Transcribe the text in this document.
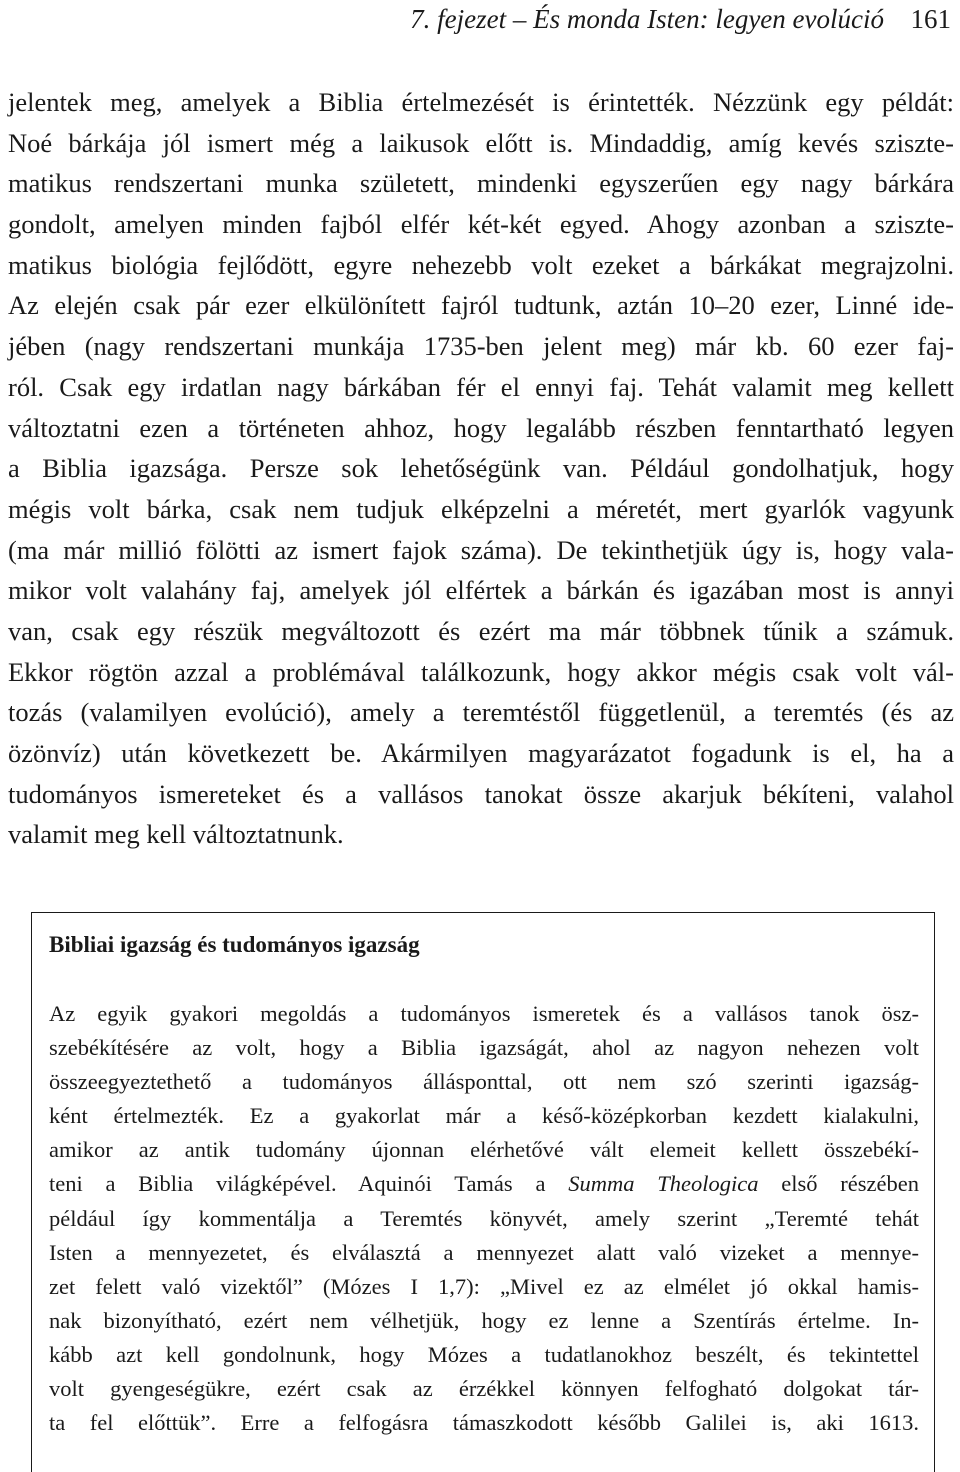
7. fejezet – És monda Isten: legyen evolúció 161
jelentek meg, amelyek a Biblia értelmezését is érintették. Nézzünk egy példát:
Noé bárkája jól ismert még a laikusok előtt is. Mindaddig, amíg kevés sziszte-
matikus rendszertani munka született, mindenki egyszerűen egy nagy bárkára
gondolt, amelyen minden fajból elfér két-két egyed. Ahogy azonban a szisztе-
matikus biológia fejlődött, egyre nehezebb volt ezeket a bárkákat megrajzolni.
Az elején csak pár ezer elkülönített fajról tudtunk, aztán 10–20 ezer, Linné ide-
jében (nagy rendszertani munkája 1735-ben jelent meg) már kb. 60 ezer faj-
ról. Csak egy irdatlan nagy bárkában fér el ennyi faj. Tehát valamit meg kellett
változtatni ezen a történeten ahhoz, hogy legalább részben fenntartható legyen
a Biblia igazsága. Persze sok lehetőségünk van. Például gondolhatjuk, hogy
mégis volt bárka, csak nem tudjuk elképzelni a méretét, mert gyarlók vagyunk
(ma már millió fölötti az ismert fajok száma). De tekinthetjük úgy is, hogy vala-
mikor volt valahány faj, amelyek jól elfértek a bárkán és igazában most is annyi
van, csak egy részük megváltozott és ezért ma már többnek tűnik a számuk.
Ekkor rögtön azzal a problémával találkozunk, hogy akkor mégis csak volt vál-
tozás (valamilyen evolúció), amely a teremtéstől függetlenül, a teremtés (és az
özönvíz) után következett be. Akármilyen magyarázatot fogadunk is el, ha a
tudományos ismereteket és a vallásos tanokat össze akarjuk békíteni, valahol
valamit meg kell változtatnunk.
Bibliai igazság és tudományos igazság
Az egyik gyakori megoldás a tudományos ismeretek és a vallásos tanok ösz-
szebékítésére az volt, hogy a Biblia igazságát, ahol az nagyon nehezen volt
összeegyeztethető a tudományos állásponttal, ott nem szó szerinti igazság-
ként értelmezték. Ez a gyakorlat már a késő-középkorban kezdett kialakulni,
amikor az antik tudomány újonnan elérhetővé vált elemeit kellett összebékí-
teni a Biblia világképével. Aquinói Tamás a Summa Theologica első részében
például így kommentálja a Teremtés könyvét, amely szerint „Teremté tehát
Isten a mennyezetet, és elválasztá a mennyezet alatt való vizeket a mennye-
zet felett való vizektől” (Mózes I 1,7): „Mivel ez az elmélet jó okkal hamis-
nak bizonyítható, ezért nem vélhetjük, hogy ez lenne a Szentírás értelme. In-
kább azt kell gondolnunk, hogy Mózes a tudatlanokhoz beszélt, és tekintettel
volt gyengeségükre, ezért csak az érzékkel könnyen felfogható dolgokat tár-
ta fel előttük”. Erre a felfogásra támaszkodott később Galilei is, aki 1613.
